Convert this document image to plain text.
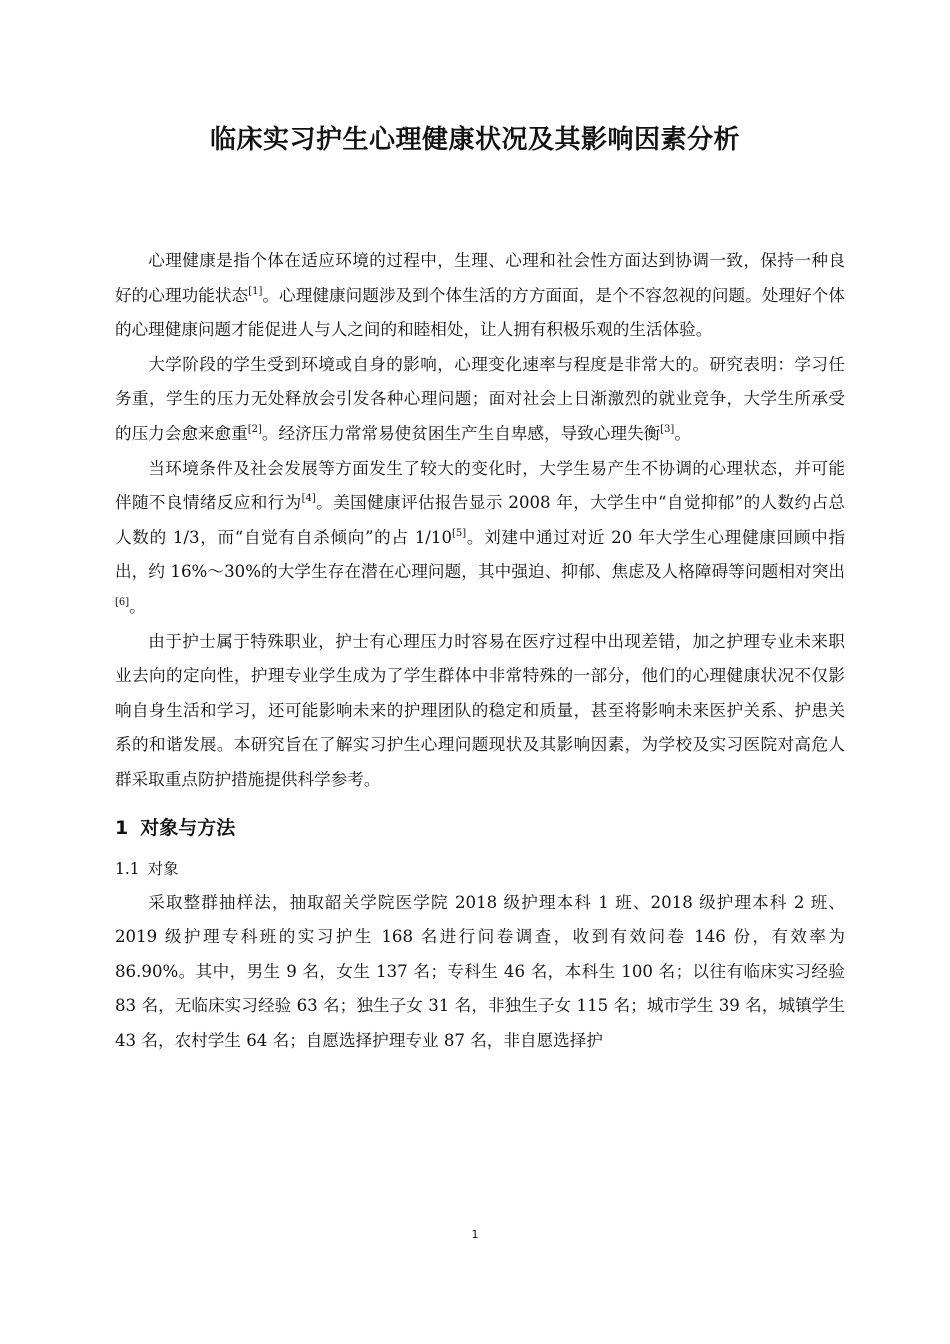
临床实习护生心理健康状况及其影响因素分析

心理健康是指个体在适应环境的过程中，生理、心理和社会性方面达到协调一致，保持一种良好的心理功能状态[1]。心理健康问题涉及到个体生活的方方面面，是个不容忽视的问题。处理好个体的心理健康问题才能促进人与人之间的和睦相处，让人拥有积极乐观的生活体验。

大学阶段的学生受到环境或自身的影响，心理变化速率与程度是非常大的。研究表明：学习任务重，学生的压力无处释放会引发各种心理问题；面对社会上日渐激烈的就业竞争，大学生所承受的压力会愈来愈重[2]。经济压力常常易使贫困生产生自卑感，导致心理失衡[3]。

当环境条件及社会发展等方面发生了较大的变化时，大学生易产生不协调的心理状态，并可能伴随不良情绪反应和行为[4]。美国健康评估报告显示 2008 年，大学生中“自觉抑郁”的人数约占总人数的 1/3，而“自觉有自杀倾向”的占 1/10[5]。刘建中通过对近 20 年大学生心理健康回顾中指出，约 16%～30%的大学生存在潜在心理问题，其中强迫、抑郁、焦虑及人格障碍等问题相对突出[6]。

由于护士属于特殊职业，护士有心理压力时容易在医疗过程中出现差错，加之护理专业未来职业去向的定向性，护理专业学生成为了学生群体中非常特殊的一部分，他们的心理健康状况不仅影响自身生活和学习，还可能影响未来的护理团队的稳定和质量，甚至将影响未来医护关系、护患关系的和谐发展。本研究旨在了解实习护生心理问题现状及其影响因素，为学校及实习医院对高危人群采取重点防护措施提供科学参考。

1 对象与方法
1.1 对象

采取整群抽样法，抽取韶关学院医学院 2018 级护理本科 1 班、2018 级护理本科 2 班、2019 级护理专科班的实习护生 168 名进行问卷调查，收到有效问卷 146 份，有效率为 86.90%。其中，男生 9 名，女生 137 名；专科生 46 名，本科生 100 名；以往有临床实习经验 83 名，无临床实习经验 63 名；独生子女 31 名，非独生子女 115 名；城市学生 39 名，城镇学生 43 名，农村学生 64 名；自愿选择护理专业 87 名，非自愿选择护

1
